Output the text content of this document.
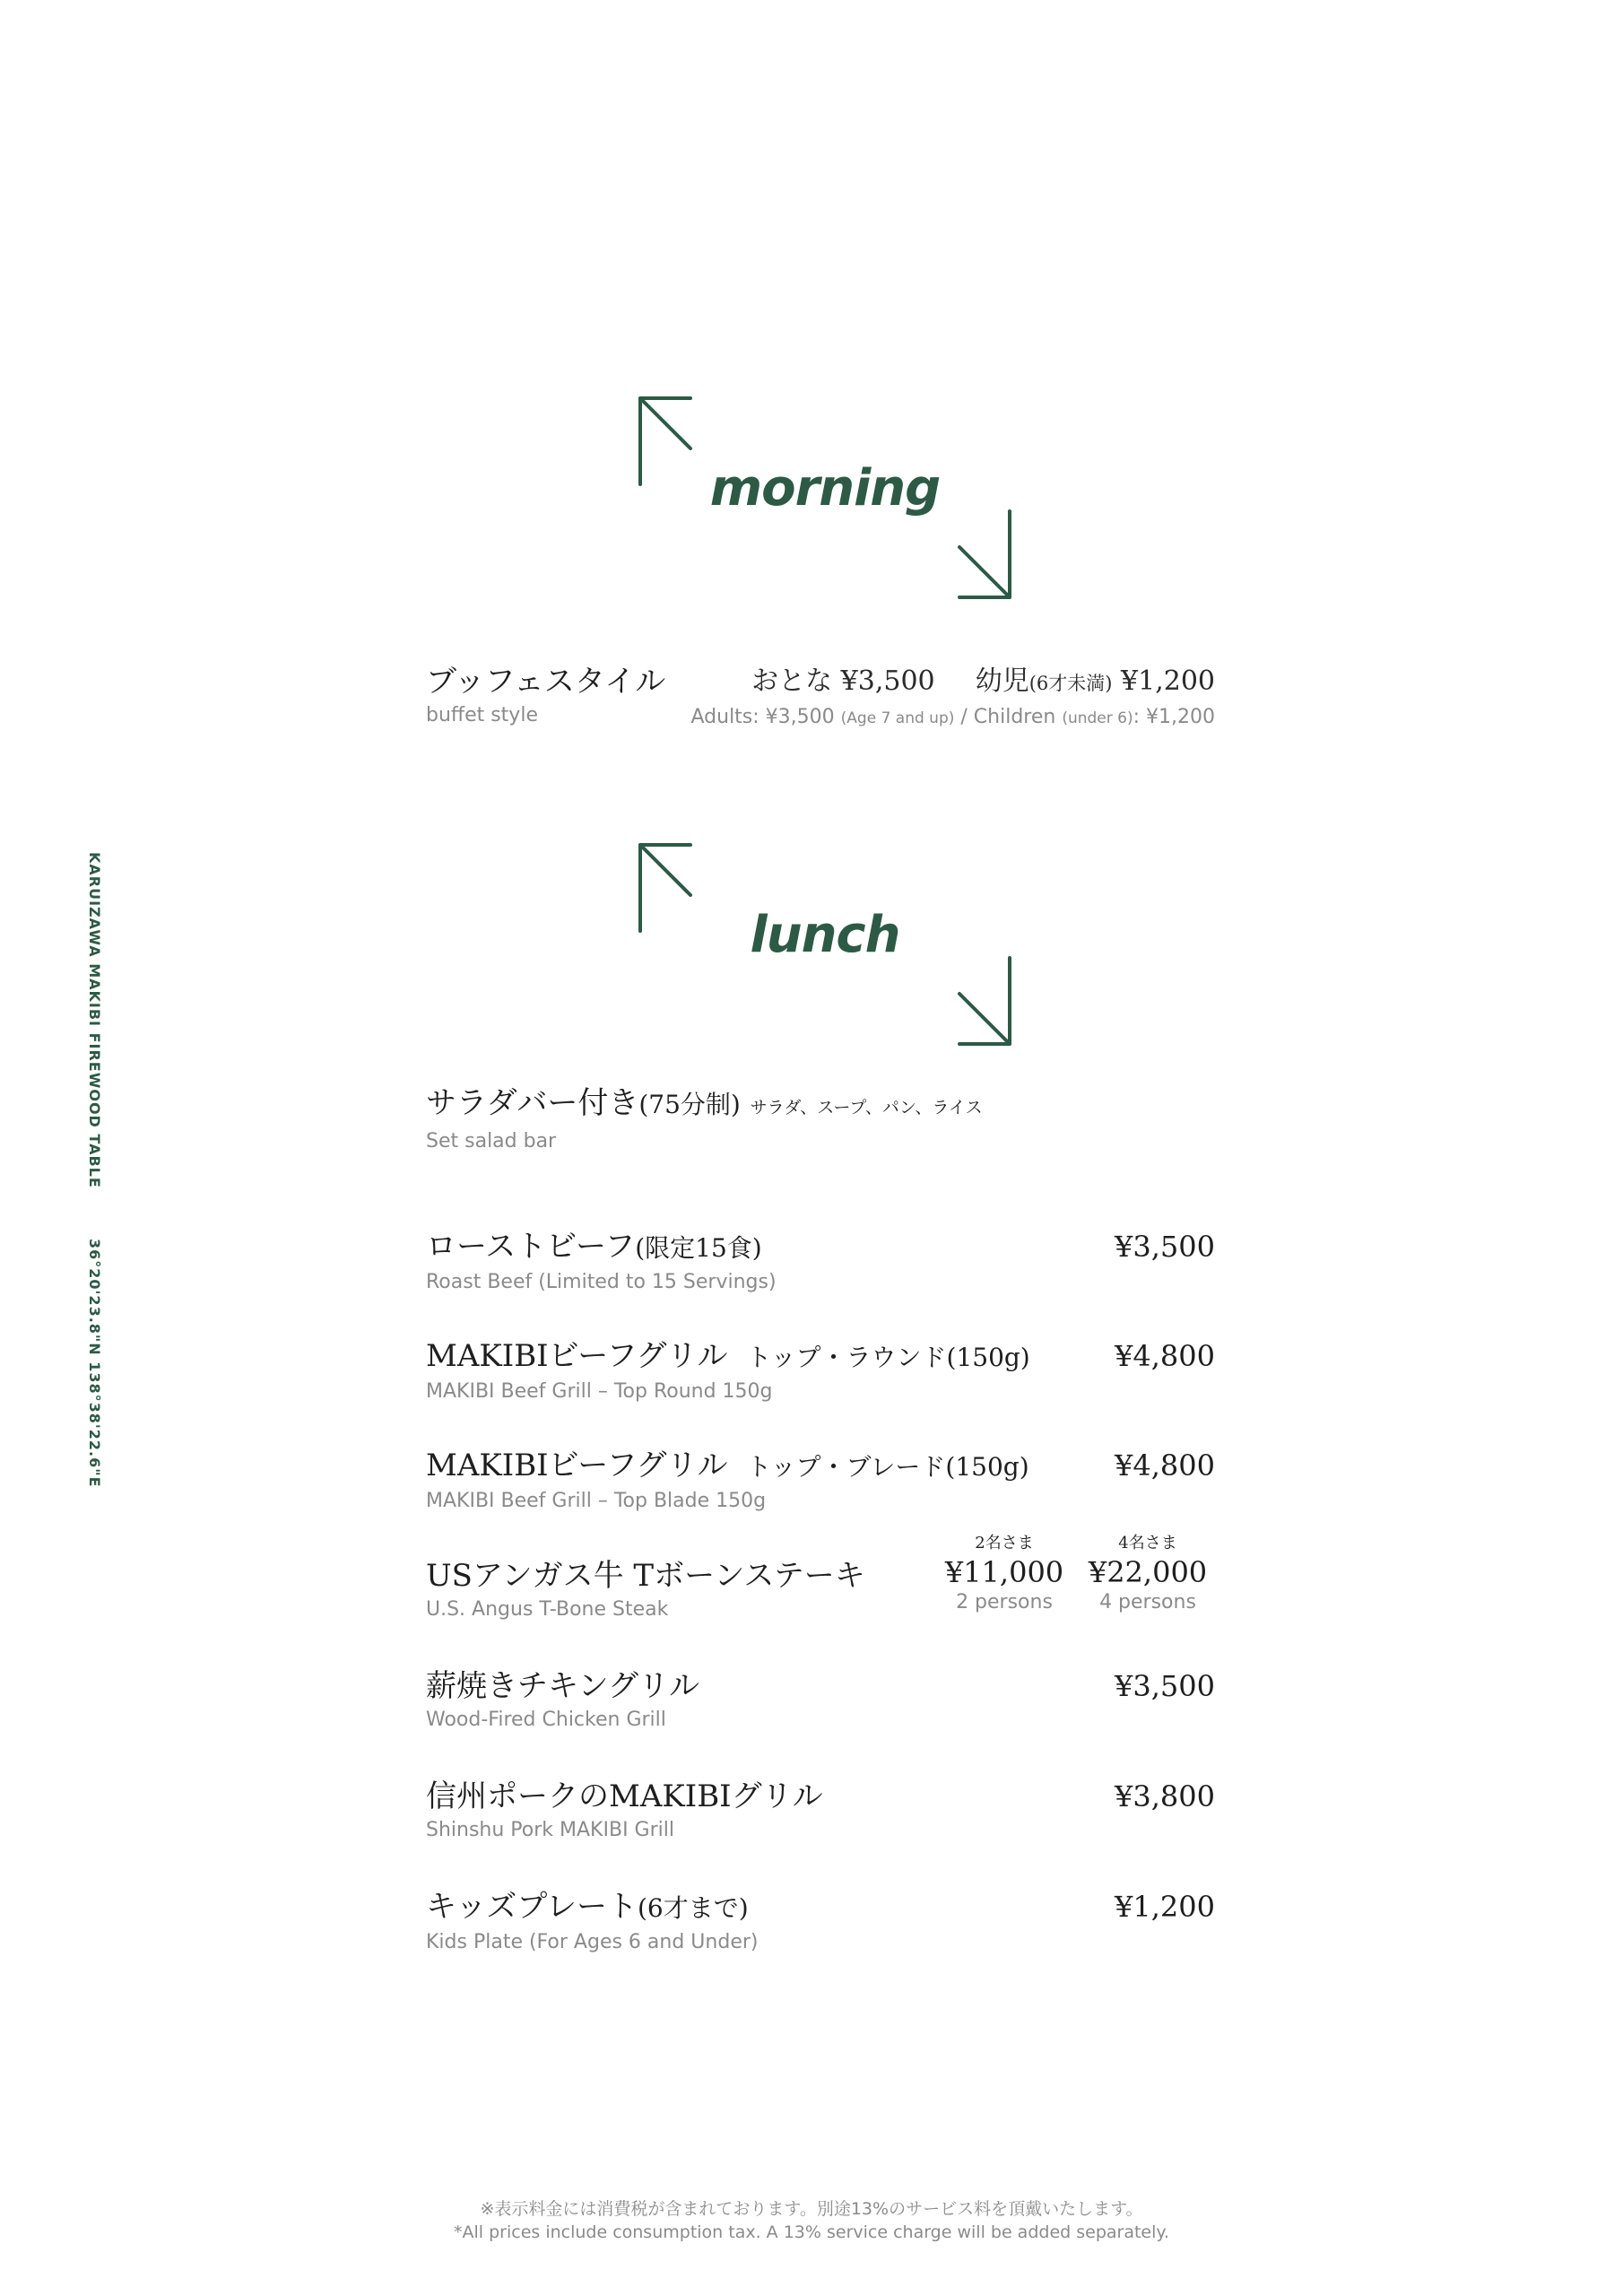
KARUIZAWA MAKIBI FIREWOOD TABLE 36°20'23.8"N 138°38'22.6"E
morning
ブッフェスタイル
buffet style
おとな ¥3,500 幼児(6才未満) ¥1,200
Adults: ¥3,500 (Age 7 and up) / Children (under 6): ¥1,200
lunch
サラダバー付き(75分制) サラダ、スープ、パン、ライス
Set salad bar
ローストビーフ(限定15食)
Roast Beef (Limited to 15 Servings)
¥3,500
MAKIBIビーフグリル トップ・ラウンド(150g)
MAKIBI Beef Grill – Top Round 150g
¥4,800
MAKIBIビーフグリル トップ・ブレード(150g)
MAKIBI Beef Grill – Top Blade 150g
¥4,800
USアンガス牛 Tボーンステーキ
U.S. Angus T-Bone Steak
2名さま
¥11,000
2 persons
4名さま
¥22,000
4 persons
薪焼きチキングリル
Wood-Fired Chicken Grill
¥3,500
信州ポークのMAKIBIグリル
Shinshu Pork MAKIBI Grill
¥3,800
キッズプレート(6才まで)
Kids Plate (For Ages 6 and Under)
¥1,200
※表示料金には消費税が含まれております。別途13%のサービス料を頂戴いたします。
*All prices include consumption tax. A 13% service charge will be added separately.
